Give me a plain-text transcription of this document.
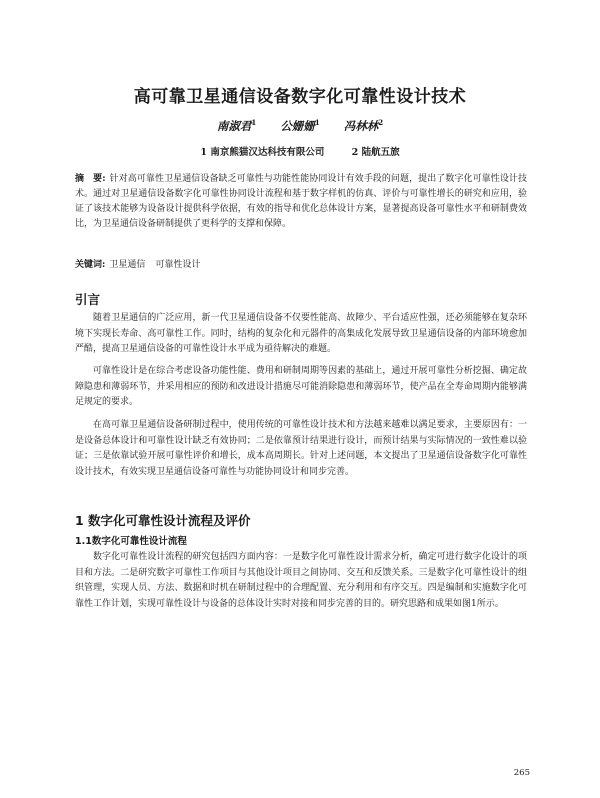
高可靠卫星通信设备数字化可靠性设计技术
南淑君$^1$ 公姗姗$^1$ 冯林林$^2$
1 南京熊猫汉达科技有限公司	2 陆航五旅
摘　要: 针对高可靠性卫星通信设备缺乏可靠性与功能性能协同设计有效手段的问题，提出了数字化可靠性设计技术。通过对卫星通信设备数字化可靠性协同设计流程和基于数字样机的仿真、评价与可靠性增长的研究和应用，验证了该技术能够为设备设计提供科学依据，有效的指导和优化总体设计方案，显著提高设备可靠性水平和研制费效比，为卫星通信设备研制提供了更科学的支撑和保障。
关键词: 卫星通信 可靠性设计
引言
随着卫星通信的广泛应用，新一代卫星通信设备不仅要性能高、故障少、平台适应性强，还必须能够在复杂环境下实现长寿命、高可靠性工作。同时，结构的复杂化和元器件的高集成化发展导致卫星通信设备的内部环境愈加严酷，提高卫星通信设备的可靠性设计水平成为亟待解决的难题。
可靠性设计是在综合考虑设备功能性能、费用和研制周期等因素的基础上，通过开展可靠性分析挖掘、确定故障隐患和薄弱环节，并采用相应的预防和改进设计措施尽可能消除隐患和薄弱环节，使产品在全寿命周期内能够满足规定的要求。
在高可靠卫星通信设备研制过程中，使用传统的可靠性设计技术和方法越来越难以满足要求，主要原因有：一是设备总体设计和可靠性设计缺乏有效协同；二是依靠预计结果进行设计，而预计结果与实际情况的一致性难以验证；三是依靠试验开展可靠性评价和增长，成本高周期长。针对上述问题，本文提出了卫星通信设备数字化可靠性设计技术，有效实现卫星通信设备可靠性与功能协同设计和同步完善。
1 数字化可靠性设计流程及评价
1.1数字化可靠性设计流程
数字化可靠性设计流程的研究包括四方面内容：一是数字化可靠性设计需求分析，确定可进行数字化设计的项目和方法。二是研究数字可靠性工作项目与其他设计项目之间协同、交互和反馈关系。三是数字化可靠性设计的组织管理，实现人员、方法、数据和时机在研制过程中的合理配置、充分利用和有序交互。四是编制和实施数字化可靠性工作计划，实现可靠性设计与设备的总体设计实时对接和同步完善的目的。研究思路和成果如图1所示。
265
